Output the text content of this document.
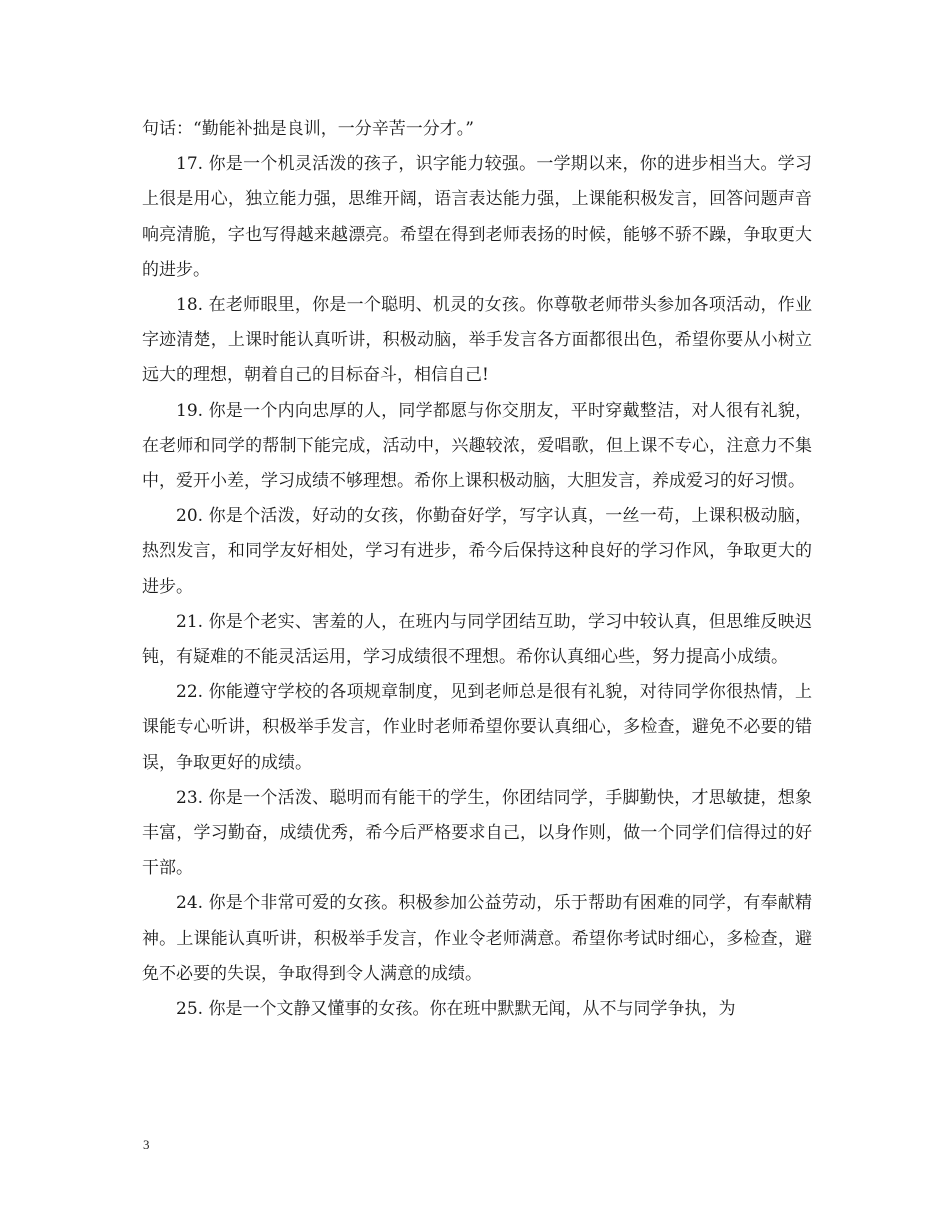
句话：“勤能补拙是良训，一分辛苦一分才。”

17. 你是一个机灵活泼的孩子，识字能力较强。一学期以来，你的进步相当大。学习上很是用心，独立能力强，思维开阔，语言表达能力强，上课能积极发言，回答问题声音响亮清脆，字也写得越来越漂亮。希望在得到老师表扬的时候，能够不骄不躁，争取更大的进步。

18. 在老师眼里，你是一个聪明、机灵的女孩。你尊敬老师带头参加各项活动，作业字迹清楚，上课时能认真听讲，积极动脑，举手发言各方面都很出色，希望你要从小树立远大的理想，朝着自己的目标奋斗，相信自己!

19. 你是一个内向忠厚的人，同学都愿与你交朋友，平时穿戴整洁，对人很有礼貌，在老师和同学的帮制下能完成，活动中，兴趣较浓，爱唱歌，但上课不专心，注意力不集中，爱开小差，学习成绩不够理想。希你上课积极动脑，大胆发言，养成爱习的好习惯。

20. 你是个活泼，好动的女孩，你勤奋好学，写字认真，一丝一苟，上课积极动脑，热烈发言，和同学友好相处，学习有进步，希今后保持这种良好的学习作风，争取更大的进步。

21. 你是个老实、害羞的人，在班内与同学团结互助，学习中较认真，但思维反映迟钝，有疑难的不能灵活运用，学习成绩很不理想。希你认真细心些，努力提高小成绩。

22. 你能遵守学校的各项规章制度，见到老师总是很有礼貌，对待同学你很热情，上课能专心听讲，积极举手发言，作业时老师希望你要认真细心，多检查，避免不必要的错误，争取更好的成绩。

23. 你是一个活泼、聪明而有能干的学生，你团结同学，手脚勤快，才思敏捷，想象丰富，学习勤奋，成绩优秀，希今后严格要求自己，以身作则，做一个同学们信得过的好干部。

24. 你是个非常可爱的女孩。积极参加公益劳动，乐于帮助有困难的同学，有奉献精神。上课能认真听讲，积极举手发言，作业令老师满意。希望你考试时细心，多检查，避免不必要的失误，争取得到令人满意的成绩。

25. 你是一个文静又懂事的女孩。你在班中默默无闻，从不与同学争执，为

3
